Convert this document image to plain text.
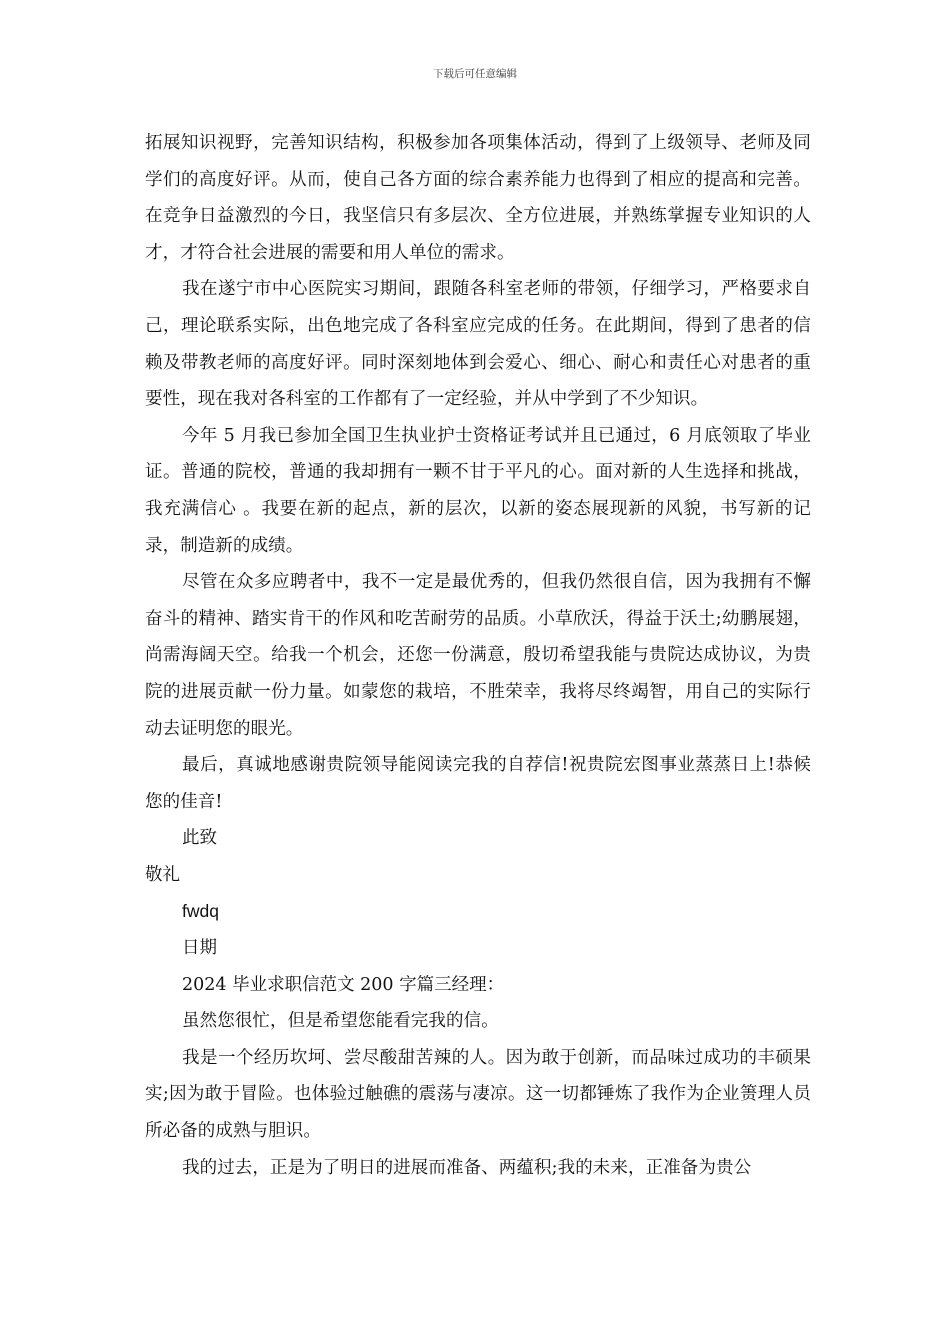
下载后可任意编辑

拓展知识视野，完善知识结构，积极参加各项集体活动，得到了上级领导、老师及同学们的高度好评。从而，使自己各方面的综合素养能力也得到了相应的提高和完善。在竞争日益激烈的今日，我坚信只有多层次、全方位进展，并熟练掌握专业知识的人才，才符合社会进展的需要和用人单位的需求。

我在遂宁市中心医院实习期间，跟随各科室老师的带领，仔细学习，严格要求自己，理论联系实际，出色地完成了各科室应完成的任务。在此期间，得到了患者的信赖及带教老师的高度好评。同时深刻地体到会爱心、细心、耐心和责任心对患者的重要性，现在我对各科室的工作都有了一定经验，并从中学到了不少知识。

今年 5 月我已参加全国卫生执业护士资格证考试并且已通过，6 月底领取了毕业证。普通的院校，普通的我却拥有一颗不甘于平凡的心。面对新的人生选择和挑战，我充满信心 。我要在新的起点，新的层次，以新的姿态展现新的风貌，书写新的记录，制造新的成绩。

尽管在众多应聘者中，我不一定是最优秀的，但我仍然很自信，因为我拥有不懈奋斗的精神、踏实肯干的作风和吃苦耐劳的品质。小草欣沃，得益于沃土;幼鹏展翅，尚需海阔天空。给我一个机会，还您一份满意，殷切希望我能与贵院达成协议，为贵院的进展贡献一份力量。如蒙您的栽培，不胜荣幸，我将尽终竭智，用自己的实际行动去证明您的眼光。

最后，真诚地感谢贵院领导能阅读完我的自荐信!祝贵院宏图事业蒸蒸日上!恭候您的佳音!

此致

敬礼

fwdq

日期

2024 毕业求职信范文 200 字篇三经理：

虽然您很忙，但是希望您能看完我的信。

我是一个经历坎坷、尝尽酸甜苦辣的人。因为敢于创新，而品味过成功的丰硕果实;因为敢于冒险。也体验过触礁的震荡与凄凉。这一切都锤炼了我作为企业箦理人员所必备的成熟与胆识。

我的过去，正是为了明日的进展而准备、两蕴积;我的未来，正准备为贵公
